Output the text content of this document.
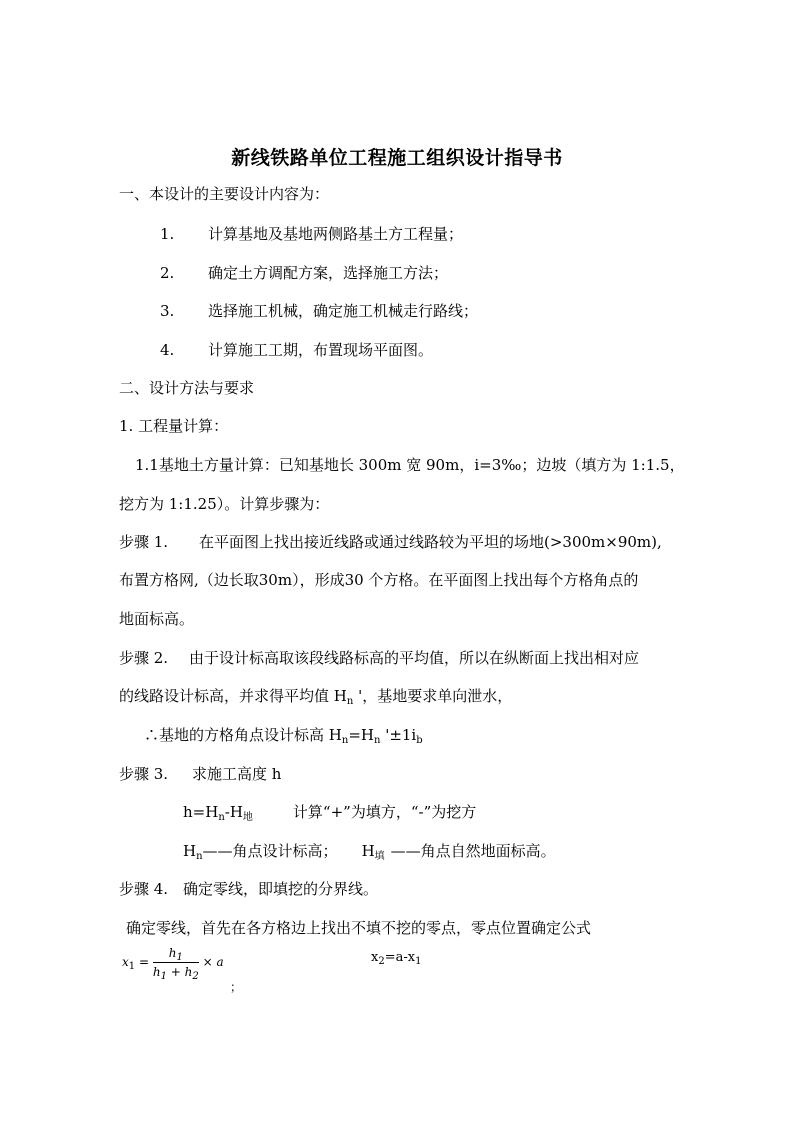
新线铁路单位工程施工组织设计指导书
一、本设计的主要设计内容为：
1. 计算基地及基地两侧路基土方工程量；
2. 确定土方调配方案，选择施工方法；
3. 选择施工机械，确定施工机械走行路线；
4. 计算施工工期，布置现场平面图。
二、设计方法与要求
1. 工程量计算：
1.1基地土方量计算：已知基地长 300m 宽 90m，i=3‰；边坡（填方为 1:1.5，
挖方为 1:1.25）。计算步骤为：
步骤 1. 在平面图上找出接近线路或通过线路较为平坦的场地(>300m×90m),
布置方格网,（边长取30m），形成30 个方格。在平面图上找出每个方格角点的
地面标高。
步骤 2. 由于设计标高取该段线路标高的平均值，所以在纵断面上找出相对应
的线路设计标高，并求得平均值 $H_n$ '，基地要求单向泄水，
∴基地的方格角点设计标高 $H_n=H_n$ '$\pm 1i_b$
步骤 3. 求施工高度 h
$h=H_n-H_地$	计算“+”为填方，“-”为挖方
$H_n——$角点设计标高； $H_填$ ——角点自然地面标高。
步骤 4. 确定零线，即填挖的分界线。
确定零线，首先在各方格边上找出不填不挖的零点，零点位置确定公式
$x_1 = \frac{h_1}{h_1 + h_2} \times a$
；
$x_2=a-x_1$
